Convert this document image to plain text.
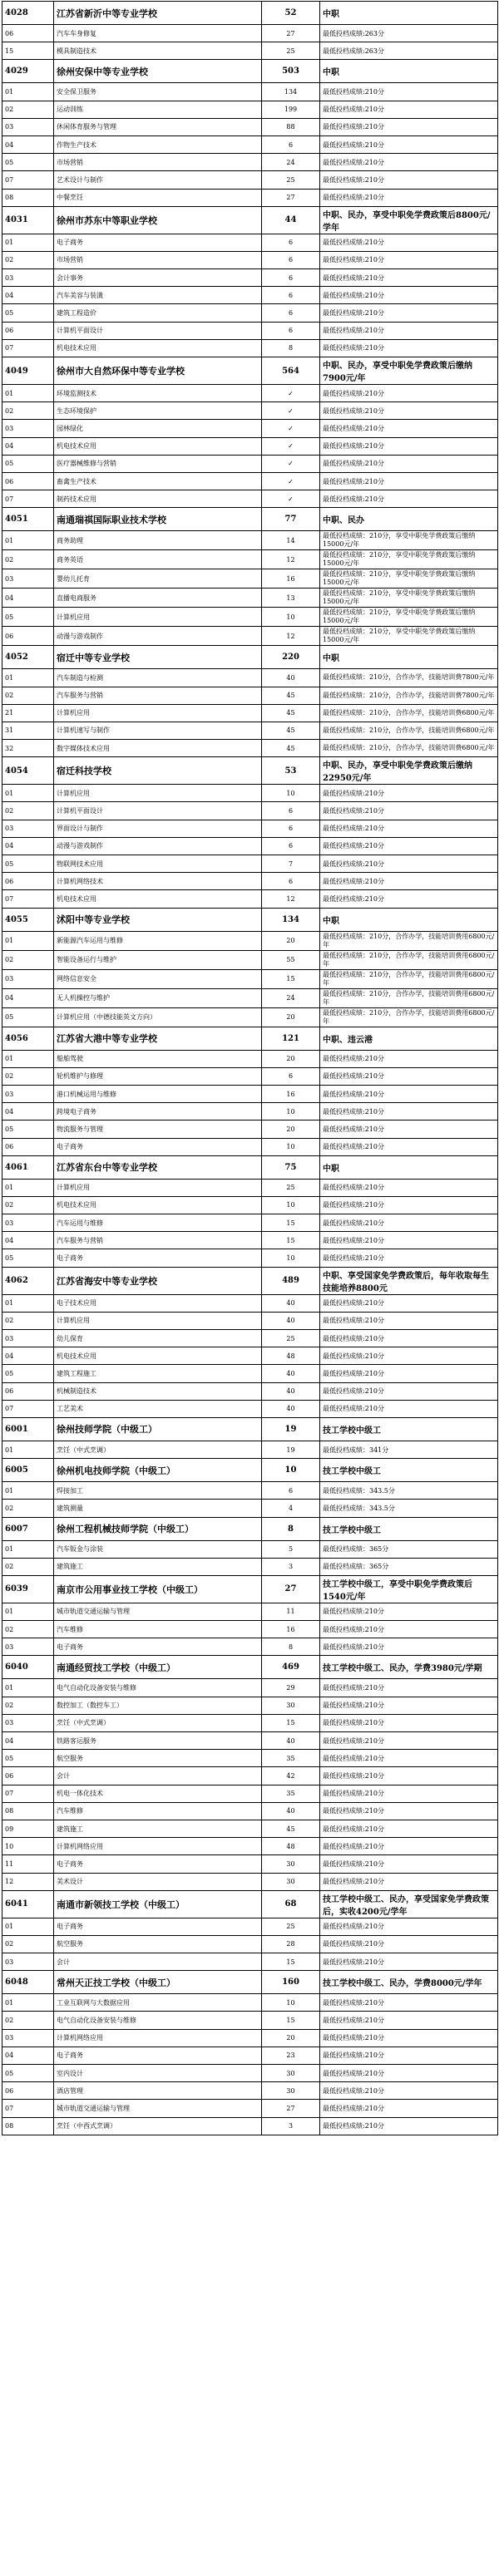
4028	江苏省新沂中等专业学校	52	中职
06	汽车车身修复	27	最低投档成绩:263分
15	模具制造技术	25	最低投档成绩:263分
4029	徐州安保中等专业学校	503	中职
01	安全保卫服务	134	最低投档成绩:210分
02	运动训练	199	最低投档成绩:210分
03	休闲体育服务与管理	88	最低投档成绩:210分
04	作物生产技术	6	最低投档成绩:210分
05	市场营销	24	最低投档成绩:210分
07	艺术设计与制作	25	最低投档成绩:210分
08	中餐烹饪	27	最低投档成绩:210分
4031	徐州市苏东中等职业学校	44	中职、民办，享受中职免学费政策后8800元/学年
01	电子商务	6	最低投档成绩:210分
02	市场营销	6	最低投档成绩:210分
03	会计事务	6	最低投档成绩:210分
04	汽车美容与装潢	6	最低投档成绩:210分
05	建筑工程造价	6	最低投档成绩:210分
06	计算机平面设计	6	最低投档成绩:210分
07	机电技术应用	8	最低投档成绩:210分
4049	徐州市大自然环保中等专业学校	564	中职、民办，享受中职免学费政策后缴纳7900元/年
01	环境监测技术	✓	最低投档成绩:210分
02	生态环境保护	✓	最低投档成绩:210分
03	园林绿化	✓	最低投档成绩:210分
04	机电技术应用	✓	最低投档成绩:210分
05	医疗器械维修与营销	✓	最低投档成绩:210分
06	畜禽生产技术	✓	最低投档成绩:210分
07	制药技术应用	✓	最低投档成绩:210分
4051	南通瑞祺国际职业技术学校	77	中职、民办
01	商务助理	14	最低投档成绩：210分，享受中职免学费政策后缴纳15000元/年
02	商务英语	12	最低投档成绩：210分，享受中职免学费政策后缴纳15000元/年
03	婴幼儿托育	16	最低投档成绩：210分，享受中职免学费政策后缴纳15000元/年
04	直播电商服务	13	最低投档成绩：210分，享受中职免学费政策后缴纳15000元/年
05	计算机应用	10	最低投档成绩：210分，享受中职免学费政策后缴纳15000元/年
06	动漫与游戏制作	12	最低投档成绩：210分，享受中职免学费政策后缴纳15000元/年
4052	宿迁中等专业学校	220	中职
01	汽车制造与检测	40	最低投档成绩：210分，合作办学，技能培训费7800元/年
02	汽车服务与营销	45	最低投档成绩：210分，合作办学，技能培训费7800元/年
21	计算机应用	45	最低投档成绩：210分，合作办学，技能培训费6800元/年
31	计算机速写与制作	45	最低投档成绩：210分，合作办学，技能培训费6800元/年
32	数字媒体技术应用	45	最低投档成绩：210分，合作办学，技能培训费6800元/年
4054	宿迁科技学校	53	中职、民办，享受中职免学费政策后缴纳22950元/年
01	计算机应用	10	最低投档成绩:210分
02	计算机平面设计	6	最低投档成绩:210分
03	界面设计与制作	6	最低投档成绩:210分
04	动漫与游戏制作	6	最低投档成绩:210分
05	物联网技术应用	7	最低投档成绩:210分
06	计算机网络技术	6	最低投档成绩:210分
07	机电技术应用	12	最低投档成绩:210分
4055	沭阳中等专业学校	134	中职
01	新能源汽车运用与维修	20	最低投档成绩：210分，合作办学，技能培训费用6800元/年
02	智能设备运行与维护	55	最低投档成绩：210分，合作办学，技能培训费用6800元/年
03	网络信息安全	15	最低投档成绩：210分，合作办学，技能培训费用6800元/年
04	无人机操控与维护	24	最低投档成绩：210分，合作办学，技能培训费用6800元/年
05	计算机应用（中德技能英文方向）	20	最低投档成绩：210分，合作办学，技能培训费用6800元/年
4056	江苏省大港中等专业学校	121	中职、违云港
01	船舶驾驶	20	最低投档成绩:210分
02	轮机维护与修理	6	最低投档成绩:210分
03	港口机械运用与维修	16	最低投档成绩:210分
04	跨境电子商务	10	最低投档成绩:210分
05	物流服务与管理	20	最低投档成绩:210分
06	电子商务	10	最低投档成绩:210分
4061	江苏省东台中等专业学校	75	中职
01	计算机应用	25	最低投档成绩:210分
02	机电技术应用	10	最低投档成绩:210分
03	汽车运用与维修	15	最低投档成绩:210分
04	汽车服务与营销	15	最低投档成绩:210分
05	电子商务	10	最低投档成绩:210分
4062	江苏省海安中等专业学校	489	中职、享受国家免学费政策后，每年收取每生技能培养8800元
01	电子技术应用	40	最低投档成绩:210分
02	计算机应用	40	最低投档成绩:210分
03	幼儿保育	25	最低投档成绩:210分
04	机电技术应用	48	最低投档成绩:210分
05	建筑工程施工	40	最低投档成绩:210分
06	机械制造技术	40	最低投档成绩:210分
07	工艺美术	40	最低投档成绩:210分
6001	徐州技师学院（中级工）	19	技工学校中级工
01	烹饪（中式烹调）	19	最低投档成绩：341分
6005	徐州机电技师学院（中级工）	10	技工学校中级工
01	焊接加工	6	最低投档成绩：343.5分
02	建筑测量	4	最低投档成绩：343.5分
6007	徐州工程机械技师学院（中级工）	8	技工学校中级工
01	汽车钣金与涂装	5	最低投档成绩：365分
02	建筑施工	3	最低投档成绩：365分
6039	南京市公用事业技工学校（中级工）	27	技工学校中级工，享受中职免学费政策后1540元/年
01	城市轨道交通运输与管理	11	最低投档成绩:210分
02	汽车维修	16	最低投档成绩:210分
03	电子商务	8	最低投档成绩:210分
6040	南通经贸技工学校（中级工）	469	技工学校中级工、民办，学费3980元/学期
01	电气自动化设备安装与维修	29	最低投档成绩:210分
02	数控加工（数控车工）	30	最低投档成绩:210分
03	烹饪（中式烹调）	15	最低投档成绩:210分
04	铁路客运服务	40	最低投档成绩:210分
05	航空服务	35	最低投档成绩:210分
06	会计	42	最低投档成绩:210分
07	机电一体化技术	35	最低投档成绩:210分
08	汽车维修	40	最低投档成绩:210分
09	建筑施工	45	最低投档成绩:210分
10	计算机网络应用	48	最低投档成绩:210分
11	电子商务	30	最低投档成绩:210分
12	美术设计	30	最低投档成绩:210分
6041	南通市新领技工学校（中级工）	68	技工学校中级工、民办，享受国家免学费政策后，实收4200元/学年
01	电子商务	25	最低投档成绩:210分
02	航空服务	28	最低投档成绩:210分
03	会计	15	最低投档成绩:210分
6048	常州天正技工学校（中级工）	160	技工学校中级工、民办，学费8000元/学年
01	工业互联网与大数据应用	10	最低投档成绩:210分
02	电气自动化设备安装与维修	15	最低投档成绩:210分
03	计算机网络应用	20	最低投档成绩:210分
04	电子商务	23	最低投档成绩:210分
05	室内设计	30	最低投档成绩:210分
06	酒店管理	30	最低投档成绩:210分
07	城市轨道交通运输与管理	27	最低投档成绩:210分
08	烹饪（中西式烹调）	3	最低投档成绩:210分
